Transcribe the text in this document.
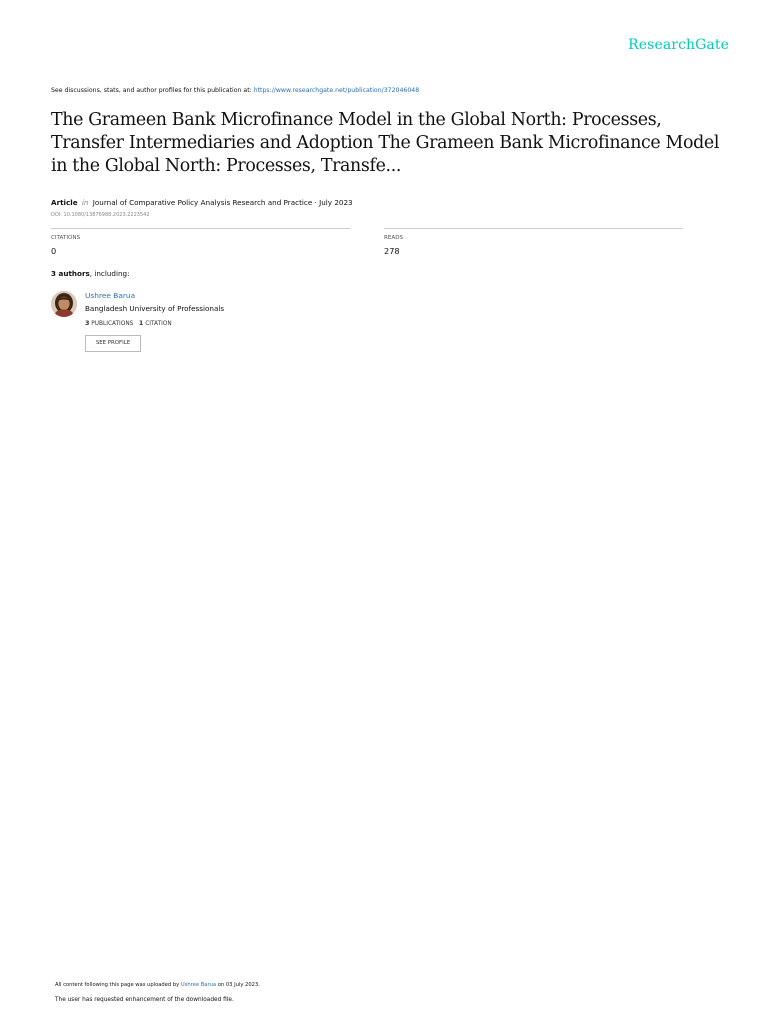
ResearchGate
See discussions, stats, and author profiles for this publication at: https://www.researchgate.net/publication/372046048
The Grameen Bank Microfinance Model in the Global North: Processes, Transfer Intermediaries and Adoption The Grameen Bank Microfinance Model in the Global North: Processes, Transfe...
Article in Journal of Comparative Policy Analysis Research and Practice · July 2023
DOI: 10.1080/13876988.2023.2223542
CITATIONS
0
READS
278
3 authors, including:
Ushree Barua
Bangladesh University of Professionals
3 PUBLICATIONS 1 CITATION
SEE PROFILE
All content following this page was uploaded by Ushree Barua on 03 July 2023.
The user has requested enhancement of the downloaded file.
